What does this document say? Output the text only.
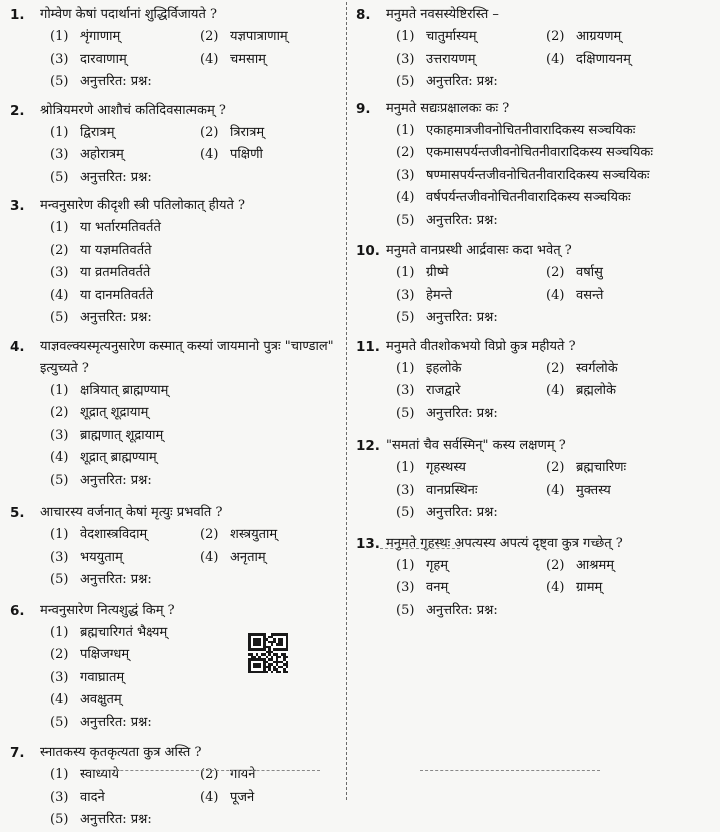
1.	गोम्वेण केषां पदार्थानां शुद्धिर्विजायते ?
(1) शृंगाणाम्	(2) यज्ञपात्राणाम्
(3) दारवाणाम्	(4) चमसाम्
(5) अनुत्तरित: प्रश्न:
2.	श्रोत्रियमरणे आशौचं कतिदिवसात्मकम् ?
(1) द्विरात्रम्	(2) त्रिरात्रम्
(3) अहोरात्रम्	(4) पक्षिणी
(5) अनुत्तरित: प्रश्न:
3.	मन्वनुसारेण कीदृशी स्त्री पतिलोकात् हीयते ?
(1) या भर्तारमतिवर्तते
(2) या यज्ञमतिवर्तते
(3) या व्रतमतिवर्तते
(4) या दानमतिवर्तते
(5) अनुत्तरित: प्रश्न:
4.	याज्ञवल्क्यस्मृत्यनुसारेण कस्मात् कस्यां जायमानो पुत्रः "चाण्डाल" इत्युच्यते ?
(1) क्षत्रियात् ब्राह्मण्याम्
(2) शूद्रात् शूद्रायाम्
(3) ब्राह्मणात् शूद्रायाम्
(4) शूद्रात् ब्राह्मण्याम्
(5) अनुत्तरित: प्रश्न:
5.	आचारस्य वर्जनात् केषां मृत्युः प्रभवति ?
(1) वेदशास्त्रविदाम्	(2) शस्त्रयुताम्
(3) भययुताम्	(4) अनृताम्
(5) अनुत्तरित: प्रश्न:
6.	मन्वनुसारेण नित्यशुद्धं किम् ?
(1) ब्रह्मचारिगतं भैक्ष्यम्
(2) पक्षिजग्धम्
(3) गवाघ्रातम्
(4) अवक्षुतम्
(5) अनुत्तरित: प्रश्न:
7.	स्नातकस्य कृतकृत्यता कुत्र अस्ति ?
(1) स्वाध्याये	(2) गायने
(3) वादने	(4) पूजने
(5) अनुत्तरित: प्रश्न:
8.	मनुमते नवसस्येष्टिरस्ति –
(1) चातुर्मास्यम्	(2) आग्रयणम्
(3) उत्तरायणम्	(4) दक्षिणायनम्
(5) अनुत्तरित: प्रश्न:
9.	मनुमते सद्यःप्रक्षालकः कः ?
(1) एकाहमात्रजीवनोचितनीवारादिकस्य सञ्चयिकः
(2) एकमासपर्यन्तजीवनोचितनीवारादिकस्य सञ्चयिकः
(3) षण्मासपर्यन्तजीवनोचितनीवारादिकस्य सञ्चयिकः
(4) वर्षपर्यन्तजीवनोचितनीवारादिकस्य सञ्चयिकः
(5) अनुत्तरित: प्रश्न:
10. मनुमते वानप्रस्थी आर्द्रवासः कदा भवेत् ?
(1) ग्रीष्मे	(2) वर्षासु
(3) हेमन्ते	(4) वसन्ते
(5) अनुत्तरित: प्रश्न:
11. मनुमते वीतशोकभयो विप्रो कुत्र महीयते ?
(1) इहलोके	(2) स्वर्गलोके
(3) राजद्वारे	(4) ब्रह्मलोके
(5) अनुत्तरित: प्रश्न:
12. "समतां चैव सर्वस्मिन्" कस्य लक्षणम् ?
(1) गृहस्थस्य	(2) ब्रह्मचारिणः
(3) वानप्रस्थिनः	(4) मुक्तस्य
(5) अनुत्तरित: प्रश्न:
13. मनुमते गृहस्थः अपत्यस्य अपत्यं दृष्ट्वा कुत्र गच्छेत् ?
(1) गृहम्	(2) आश्रमम्
(3) वनम्	(4) ग्रामम्
(5) अनुत्तरित: प्रश्न:
